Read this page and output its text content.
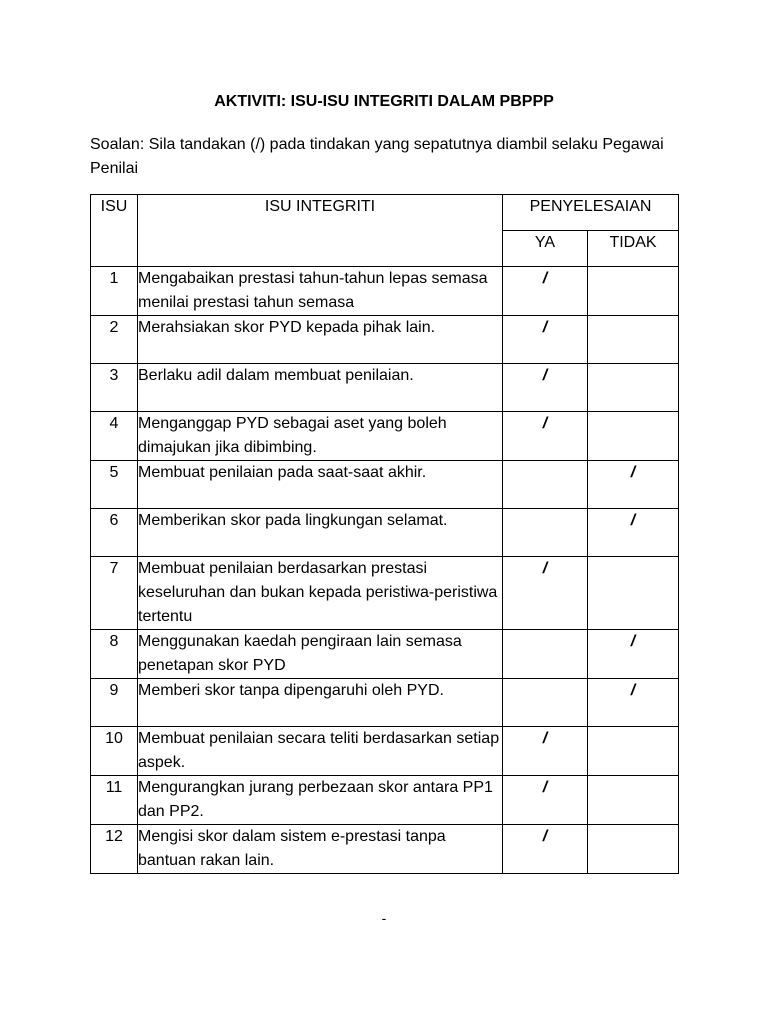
AKTIVITI: ISU-ISU INTEGRITI DALAM PBPPP
Soalan: Sila tandakan (/) pada tindakan yang sepatutnya diambil selaku Pegawai Penilai
ISU	ISU INTEGRITI	PENYELESAIAN	
		YA	TIDAK
1	Mengabaikan prestasi tahun-tahun lepas semasa menilai prestasi tahun semasa	/	
2	Merahsiakan skor PYD kepada pihak lain.	/	
3	Berlaku adil dalam membuat penilaian.	/	
4	Menganggap PYD sebagai aset yang boleh dimajukan jika dibimbing.	/	
5	Membuat penilaian pada saat-saat akhir.		/
6	Memberikan skor pada lingkungan selamat.		/
7	Membuat penilaian berdasarkan prestasi keseluruhan dan bukan kepada peristiwa-peristiwa tertentu	/	
8	Menggunakan kaedah pengiraan lain semasa penetapan skor PYD		/
9	Memberi skor tanpa dipengaruhi oleh PYD.		/
10	Membuat penilaian secara teliti berdasarkan setiap aspek.	/	
11	Mengurangkan jurang perbezaan skor antara PP1 dan PP2.	/	
12	Mengisi skor dalam sistem e-prestasi tanpa bantuan rakan lain.	/	
-
